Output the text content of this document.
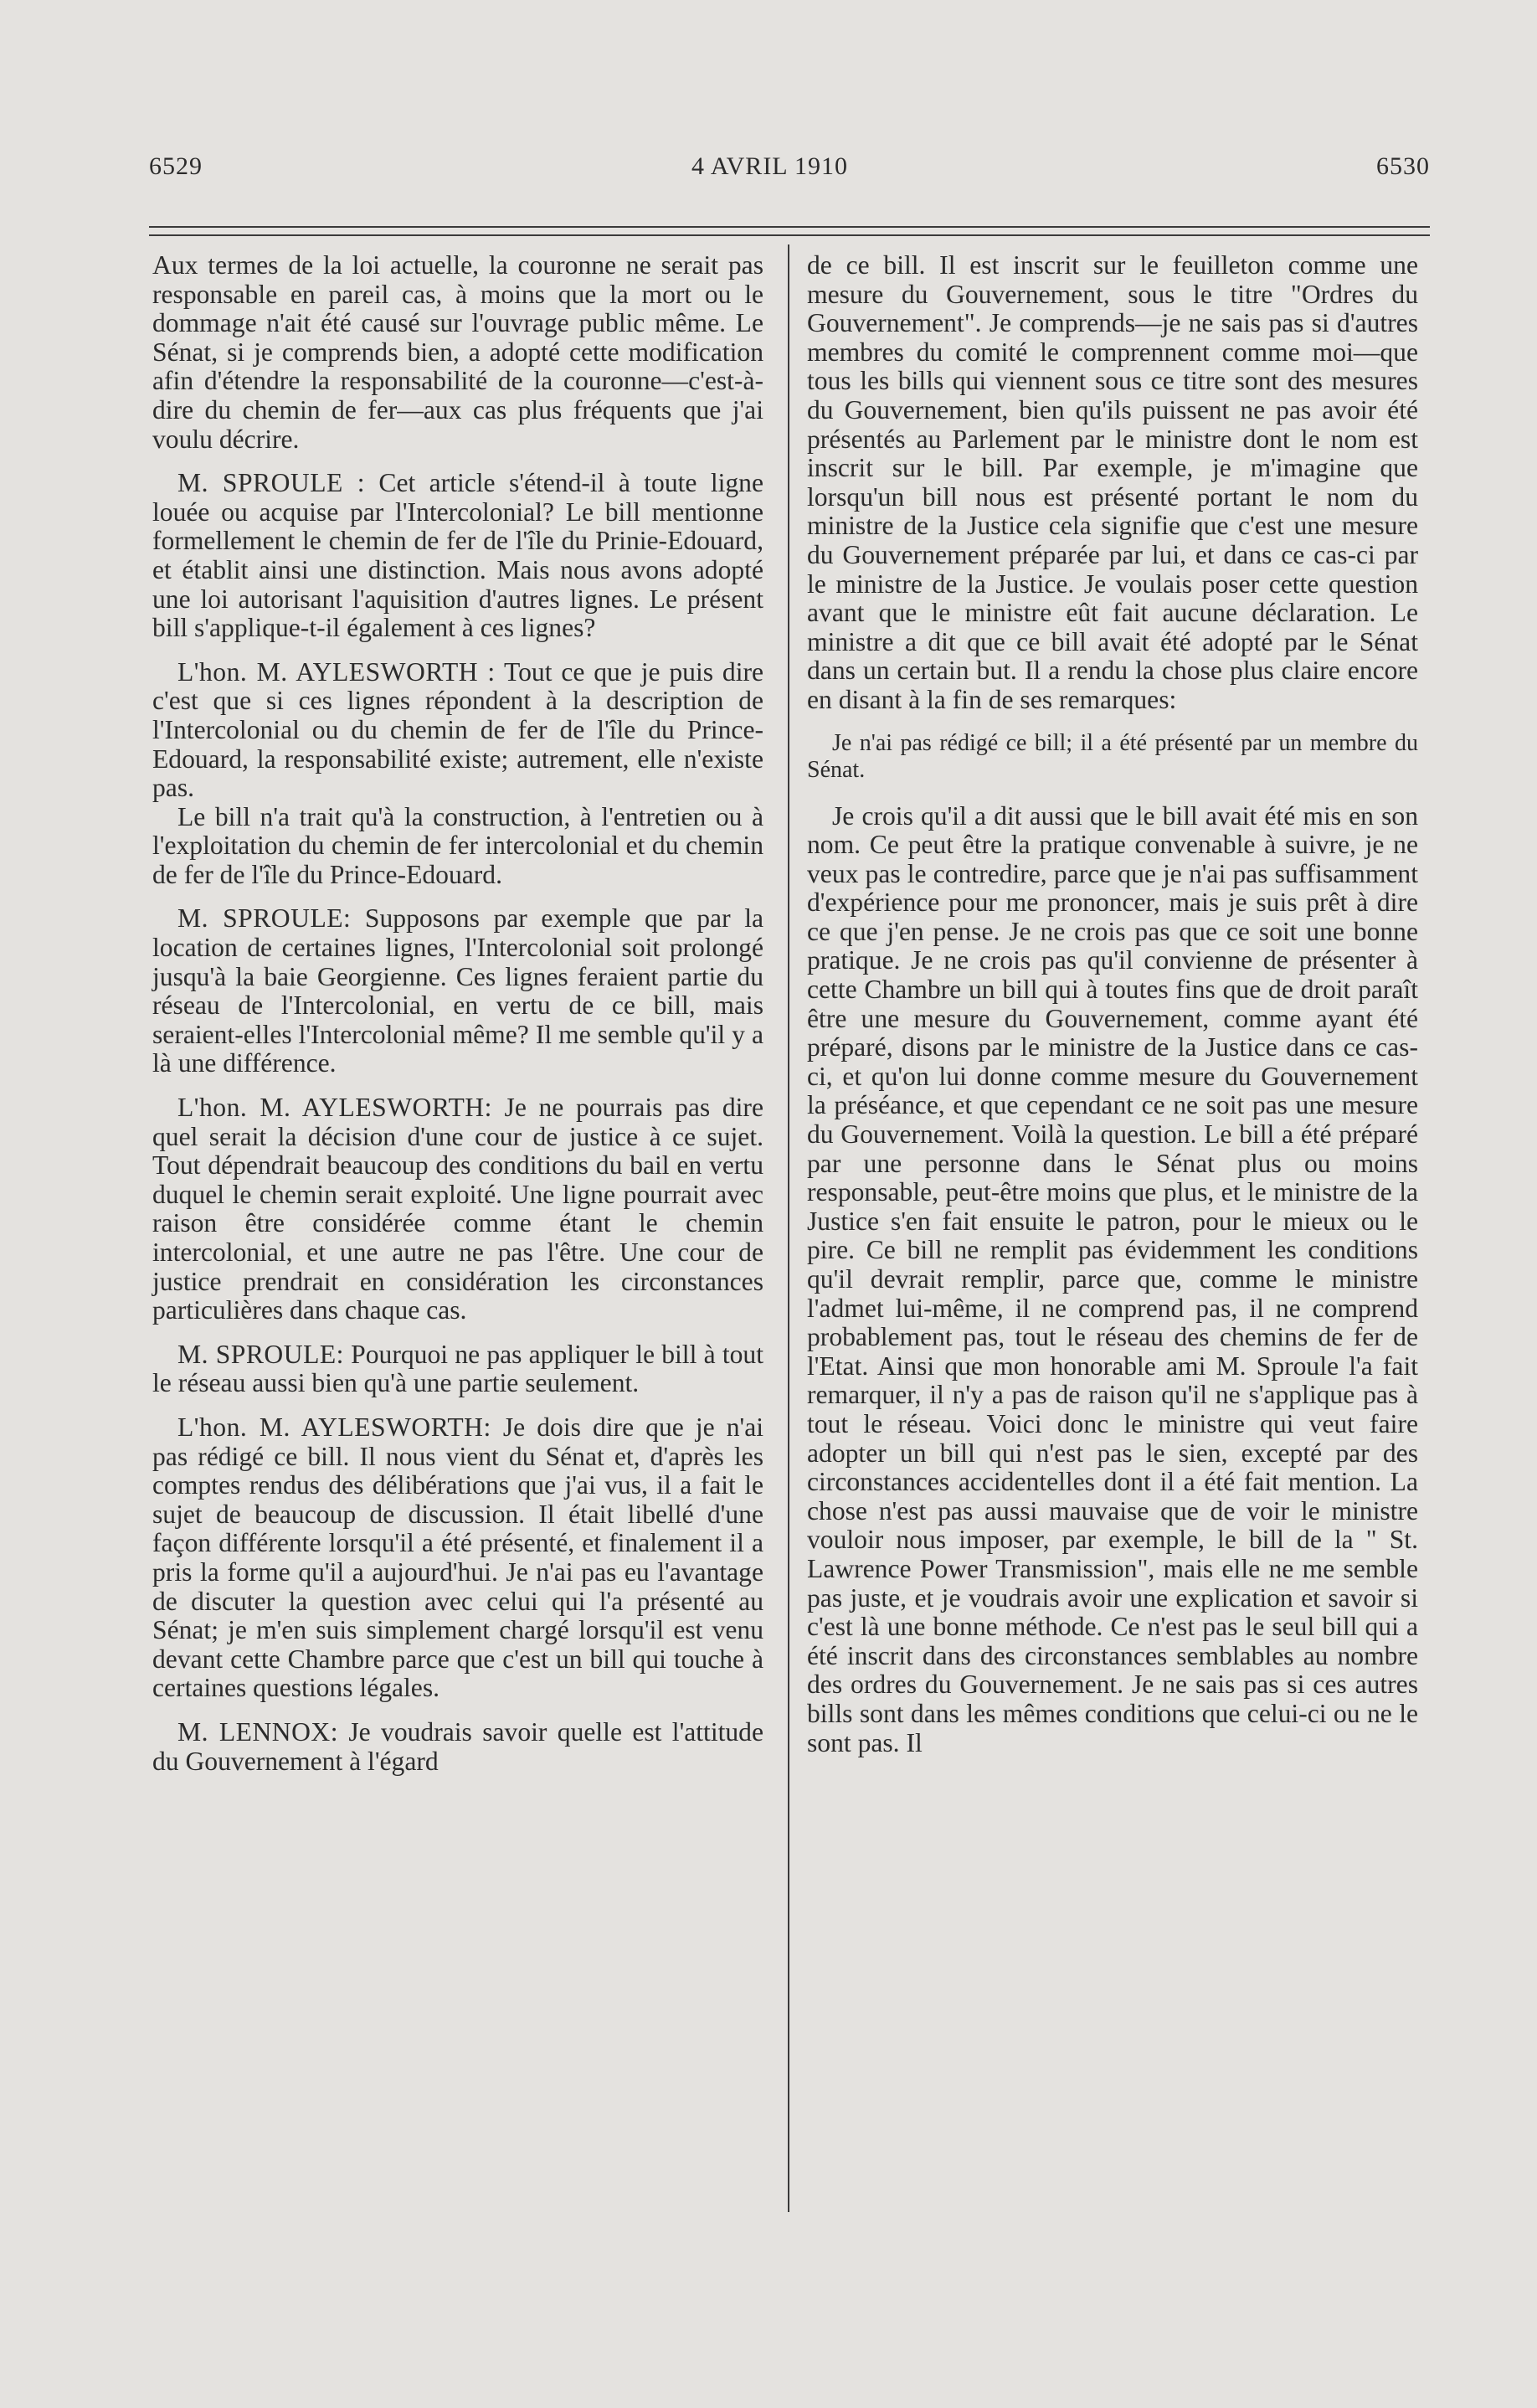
6529	4 AVRIL 1910	6530

Aux termes de la loi actuelle, la couronne ne serait pas responsable en pareil cas, à moins que la mort ou le dommage n'ait été causé sur l'ouvrage public même. Le Sénat, si je comprends bien, a adopté cette modification afin d'étendre la responsabilité de la couronne—c'est-à-dire du chemin de fer—aux cas plus fréquents que j'ai voulu décrire.

M. SPROULE : Cet article s'étend-il à toute ligne louée ou acquise par l'Intercolonial? Le bill mentionne formellement le chemin de fer de l'île du Prinie-Edouard, et établit ainsi une distinction. Mais nous avons adopté une loi autorisant l'aquisition d'autres lignes. Le présent bill s'applique-t-il également à ces lignes?

L'hon. M. AYLESWORTH : Tout ce que je puis dire c'est que si ces lignes répondent à la description de l'Intercolonial ou du chemin de fer de l'île du Prince-Edouard, la responsabilité existe; autrement, elle n'existe pas.

Le bill n'a trait qu'à la construction, à l'entretien ou à l'exploitation du chemin de fer intercolonial et du chemin de fer de l'île du Prince-Edouard.

M. SPROULE: Supposons par exemple que par la location de certaines lignes, l'Intercolonial soit prolongé jusqu'à la baie Georgienne. Ces lignes feraient partie du réseau de l'Intercolonial, en vertu de ce bill, mais seraient-elles l'Intercolonial même? Il me semble qu'il y a là une différence.

L'hon. M. AYLESWORTH: Je ne pourrais pas dire quel serait la décision d'une cour de justice à ce sujet. Tout dépendrait beaucoup des conditions du bail en vertu duquel le chemin serait exploité. Une ligne pourrait avec raison être considérée comme étant le chemin intercolonial, et une autre ne pas l'être. Une cour de justice prendrait en considération les circonstances particulières dans chaque cas.

M. SPROULE: Pourquoi ne pas appliquer le bill à tout le réseau aussi bien qu'à une partie seulement.

L'hon. M. AYLESWORTH: Je dois dire que je n'ai pas rédigé ce bill. Il nous vient du Sénat et, d'après les comptes rendus des délibérations que j'ai vus, il a fait le sujet de beaucoup de discussion. Il était libellé d'une façon différente lorsqu'il a été présenté, et finalement il a pris la forme qu'il a aujourd'hui. Je n'ai pas eu l'avantage de discuter la question avec celui qui l'a présenté au Sénat; je m'en suis simplement chargé lorsqu'il est venu devant cette Chambre parce que c'est un bill qui touche à certaines questions légales.

M. LENNOX: Je voudrais savoir quelle est l'attitude du Gouvernement à l'égard

de ce bill. Il est inscrit sur le feuilleton comme une mesure du Gouvernement, sous le titre "Ordres du Gouvernement". Je comprends—je ne sais pas si d'autres membres du comité le comprennent comme moi—que tous les bills qui viennent sous ce titre sont des mesures du Gouvernement, bien qu'ils puissent ne pas avoir été présentés au Parlement par le ministre dont le nom est inscrit sur le bill. Par exemple, je m'imagine que lorsqu'un bill nous est présenté portant le nom du ministre de la Justice cela signifie que c'est une mesure du Gouvernement préparée par lui, et dans ce cas-ci par le ministre de la Justice. Je voulais poser cette question avant que le ministre eût fait aucune déclaration. Le ministre a dit que ce bill avait été adopté par le Sénat dans un certain but. Il a rendu la chose plus claire encore en disant à la fin de ses remarques:

Je n'ai pas rédigé ce bill; il a été présenté par un membre du Sénat.

Je crois qu'il a dit aussi que le bill avait été mis en son nom. Ce peut être la pratique convenable à suivre, je ne veux pas le contredire, parce que je n'ai pas suffisamment d'expérience pour me prononcer, mais je suis prêt à dire ce que j'en pense. Je ne crois pas que ce soit une bonne pratique. Je ne crois pas qu'il convienne de présenter à cette Chambre un bill qui à toutes fins que de droit paraît être une mesure du Gouvernement, comme ayant été préparé, disons par le ministre de la Justice dans ce cas-ci, et qu'on lui donne comme mesure du Gouvernement la préséance, et que cependant ce ne soit pas une mesure du Gouvernement. Voilà la question. Le bill a été préparé par une personne dans le Sénat plus ou moins responsable, peut-être moins que plus, et le ministre de la Justice s'en fait ensuite le patron, pour le mieux ou le pire. Ce bill ne remplit pas évidemment les conditions qu'il devrait remplir, parce que, comme le ministre l'admet lui-même, il ne comprend pas, il ne comprend probablement pas, tout le réseau des chemins de fer de l'Etat. Ainsi que mon honorable ami M. Sproule l'a fait remarquer, il n'y a pas de raison qu'il ne s'applique pas à tout le réseau. Voici donc le ministre qui veut faire adopter un bill qui n'est pas le sien, excepté par des circonstances accidentelles dont il a été fait mention. La chose n'est pas aussi mauvaise que de voir le ministre vouloir nous imposer, par exemple, le bill de la " St. Lawrence Power Transmission", mais elle ne me semble pas juste, et je voudrais avoir une explication et savoir si c'est là une bonne méthode. Ce n'est pas le seul bill qui a été inscrit dans des circonstances semblables au nombre des ordres du Gouvernement. Je ne sais pas si ces autres bills sont dans les mêmes conditions que celui-ci ou ne le sont pas. Il
